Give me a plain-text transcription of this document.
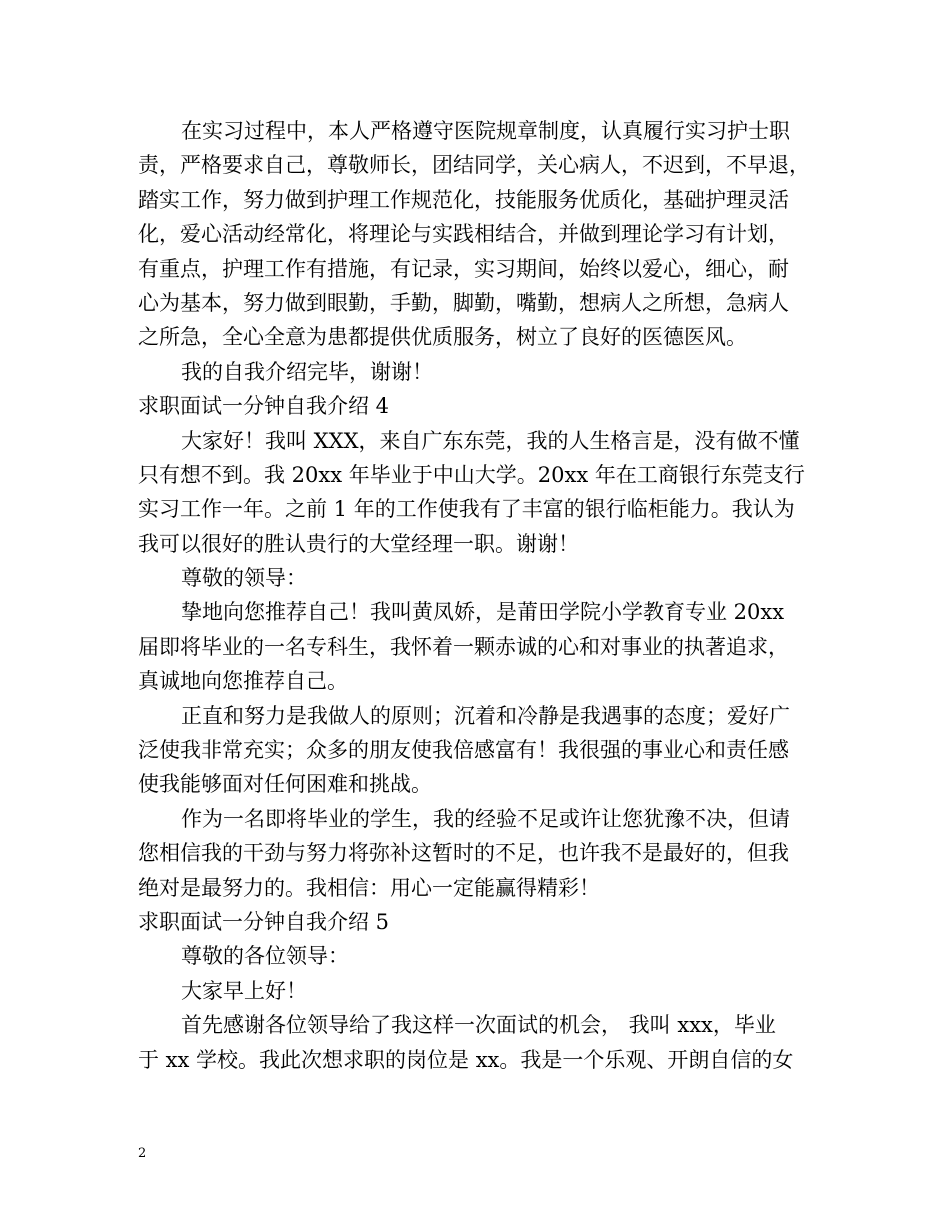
在实习过程中，本人严格遵守医院规章制度，认真履行实习护士职
责，严格要求自己，尊敬师长，团结同学，关心病人，不迟到，不早退，
踏实工作，努力做到护理工作规范化，技能服务优质化，基础护理灵活
化，爱心活动经常化，将理论与实践相结合，并做到理论学习有计划，
有重点，护理工作有措施，有记录，实习期间，始终以爱心，细心，耐
心为基本，努力做到眼勤，手勤，脚勤，嘴勤，想病人之所想，急病人
之所急，全心全意为患都提供优质服务，树立了良好的医德医风。
我的自我介绍完毕，谢谢！
求职面试一分钟自我介绍 4
大家好！我叫 XXX，来自广东东莞，我的人生格言是，没有做不懂
只有想不到。我 20xx 年毕业于中山大学。20xx 年在工商银行东莞支行
实习工作一年。之前 1 年的工作使我有了丰富的银行临柜能力。我认为
我可以很好的胜认贵行的大堂经理一职。谢谢！
尊敬的领导：
挚地向您推荐自己！我叫黄凤娇，是莆田学院小学教育专业 20xx
届即将毕业的一名专科生，我怀着一颗赤诚的心和对事业的执著追求，
真诚地向您推荐自己。
正直和努力是我做人的原则；沉着和冷静是我遇事的态度；爱好广
泛使我非常充实；众多的朋友使我倍感富有！我很强的事业心和责任感
使我能够面对任何困难和挑战。
作为一名即将毕业的学生，我的经验不足或许让您犹豫不决，但请
您相信我的干劲与努力将弥补这暂时的不足，也许我不是最好的，但我
绝对是最努力的。我相信：用心一定能赢得精彩！
求职面试一分钟自我介绍 5
尊敬的各位领导：
大家早上好！
首先感谢各位领导给了我这样一次面试的机会， 我叫 xxx，毕业
于 xx 学校。我此次想求职的岗位是 xx。我是一个乐观、开朗自信的女
2
